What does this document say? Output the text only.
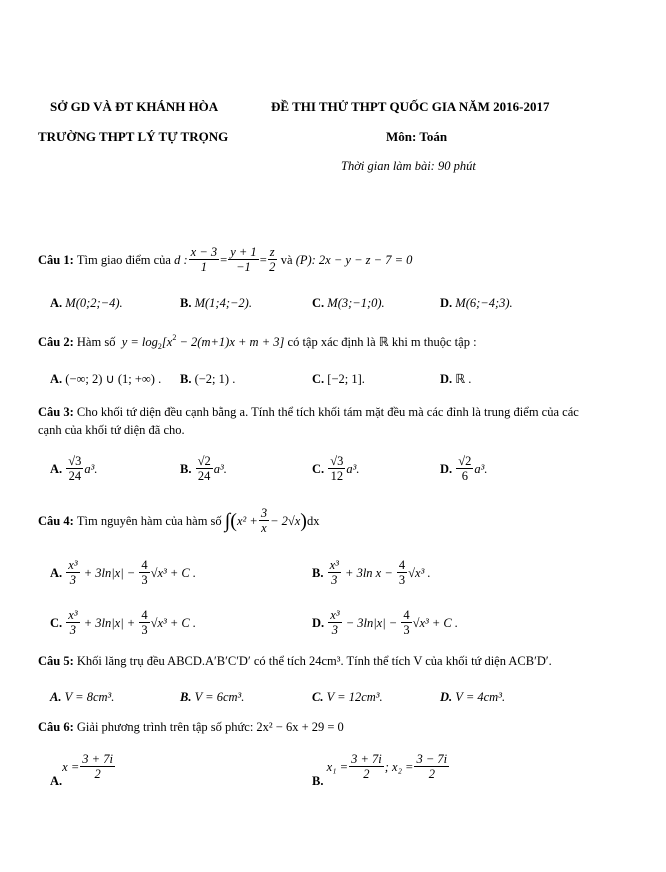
SỞ GD VÀ ĐT KHÁNH HÒA	ĐỀ THI THỬ THPT QUỐC GIA NĂM 2016-2017
TRƯỜNG THPT LÝ TỰ TRỌNG	Môn: Toán
Thời gian làm bài: 90 phút
Câu 1:
Tìm giao điểm của
d : $\frac{x - 3}{1} = \frac{y + 1}{-1} = \frac{z}{2}$
và
(P): 2x − y − z − 7 = 0
A. M(0;2;−4).	B. M(1;4;−2).	C. M(3;−1;0).	D. M(6;−4;3).
Câu 2: Hàm số $y = \log_2[x^2 - 2(m+1)x + m + 3]$ có tập xác định là ℝ khi m thuộc tập :
A. (−∞; 2) ∪ (1; +∞) . B. (−2; 1) .	C. [−2; 1].	D. ℝ .
Câu 3: Cho khối tứ diện đều cạnh bằng a. Tính thể tích khối tám mặt đều mà các đỉnh là trung điểm của các
cạnh của khối tứ diện đã cho.
A.
$\frac{√3}{24} a^3$.	B.
$\frac{√2}{24} a^3$.	C.
$\frac{√3}{12} a^3$.	D.
$\frac{√2}{6} a^3$.
Câu 4:
Tìm nguyên hàm của hàm số
∫ ( $x^2 + \frac{3}{x} - 2√x$ ) dx
A.
$\frac{\text{x³}}{3}$
+ 3ln|x| −
$\frac{4}{3} √x^3 + C$ .	B.
$\frac{\text{x³}}{3}$
+ 3ln x −
$\frac{4}{3} √x^3$ .
C.
$\frac{\text{x³}}{3}$
+ 3ln|x| +
$\frac{4}{3} √x^3 + C$ .	D.
$\frac{\text{x³}}{3}$
− 3ln|x| −
$\frac{4}{3} √x^3 + C$ .
Câu 5: Khối lăng trụ đều ABCD.A′B′C′D′ có thể tích 24cm³. Tính thể tích V của khối tứ diện ACB′D′.
A. V = 8cm³.	B. V = 6cm³.	C. V = 12cm³.	D. V = 4cm³.
Câu 6: Giải phương trình trên tập số phức: 2x² − 6x + 29 = 0
A.
$x = \frac{3 + 7i}{2}$	B.

$x_1 = \frac{3 + 7i}{2}$ ; $x_2 = \frac{3 - 7i}{2}$
